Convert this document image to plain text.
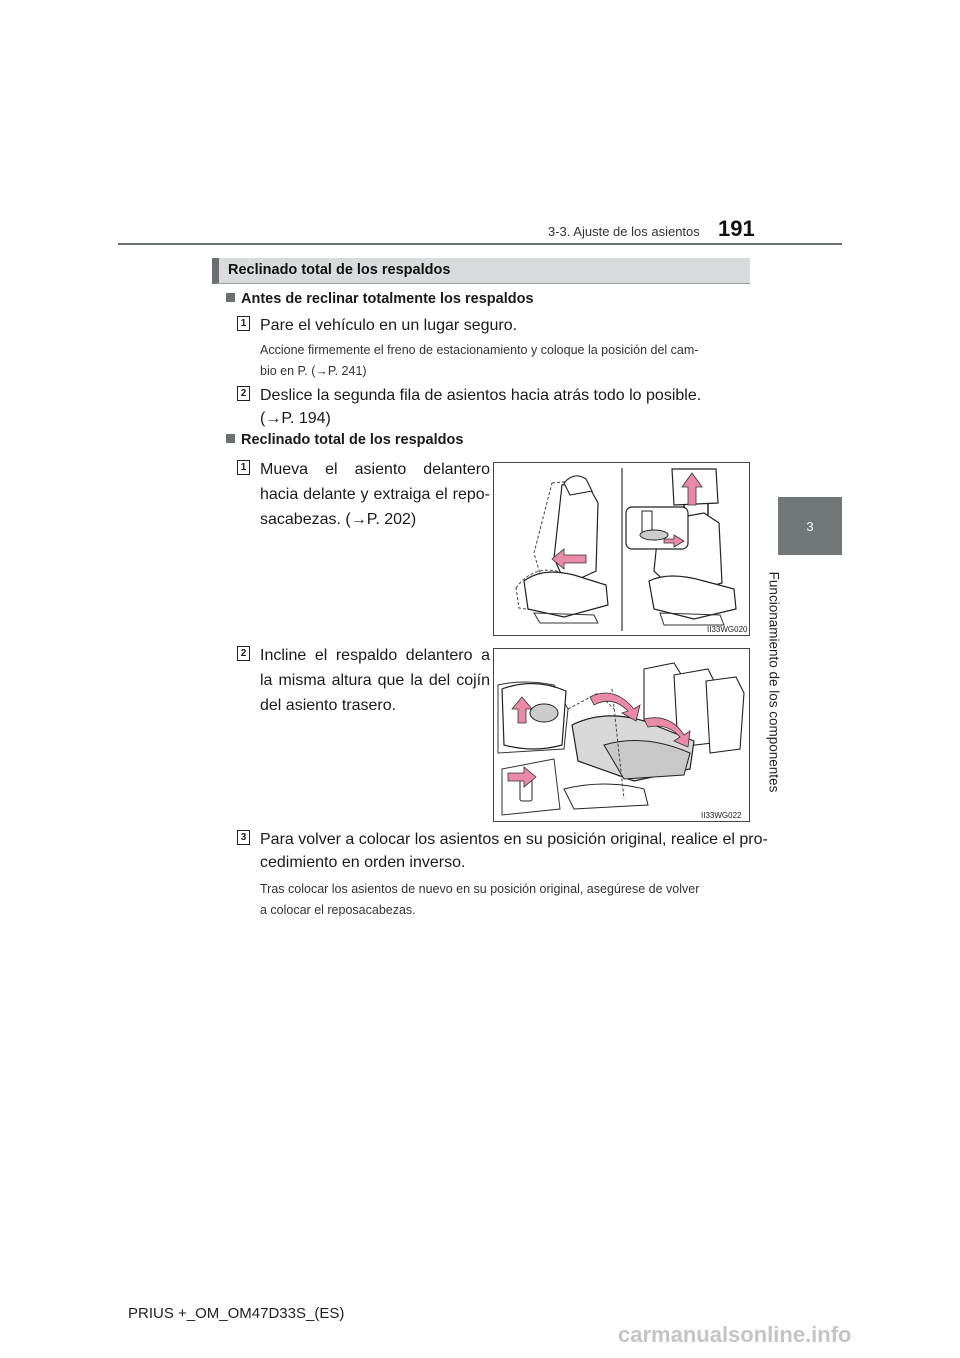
3-3. Ajuste de los asientos 191
3
Funcionamiento de los componentes
Reclinado total de los respaldos
Antes de reclinar totalmente los respaldos
1 Pare el vehículo en un lugar seguro.
Accione firmemente el freno de estacionamiento y coloque la posición del cam-
bio en P. (→P. 241)
2 Deslice la segunda fila de asientos hacia atrás todo lo posible.
(→P. 194)
Reclinado total de los respaldos
1 Mueva el asiento delantero hacia delante y extraiga el repo- sacabezas. (→P. 202)
II33WG020
2 Incline el respaldo delantero a la misma altura que la del cojín del asiento trasero.
II33WG022
3 Para volver a colocar los asientos en su posición original, realice el pro-
cedimiento en orden inverso.
Tras colocar los asientos de nuevo en su posición original, asegúrese de volver
a colocar el reposacabezas.
PRIUS +_OM_OM47D33S_(ES)
carmanualsonline.info
